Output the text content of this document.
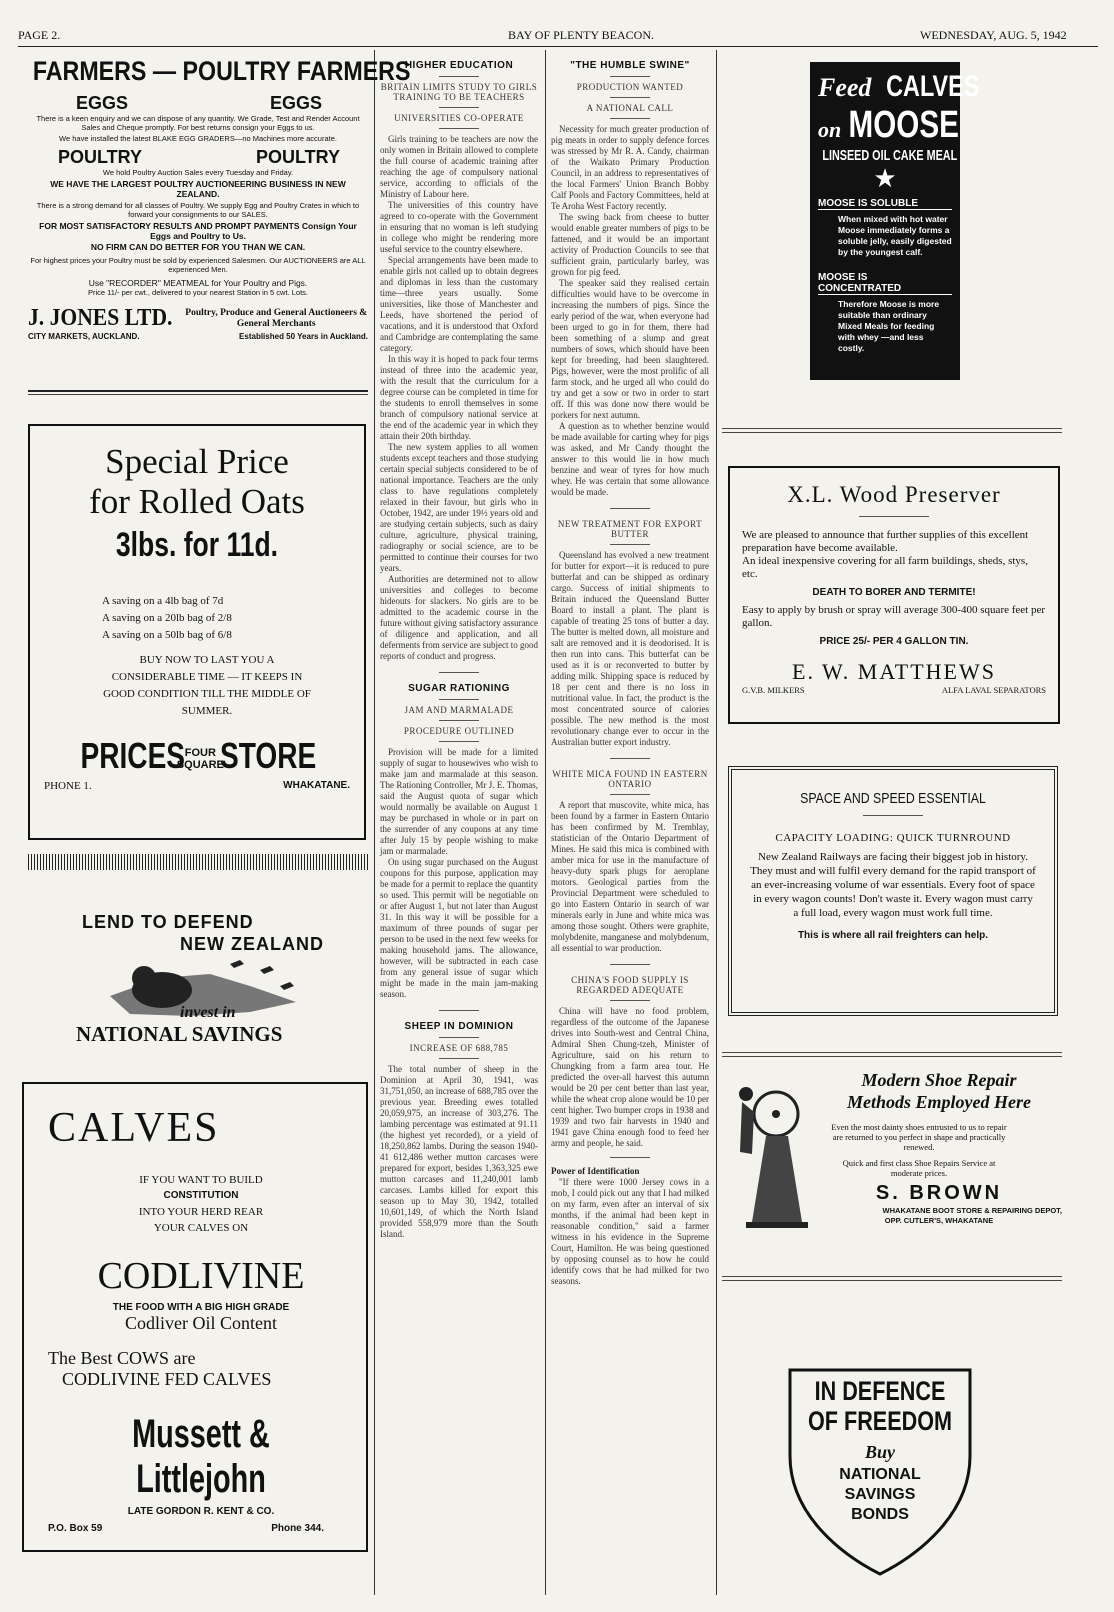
PAGE 2.	BAY OF PLENTY BEACON.	WEDNESDAY, AUG. 5, 1942
FARMERS — POULTRY FARMERS
EGGS	EGGS

There is a keen enquiry and we can dispose of any quantity. We Grade, Test and Render Account Sales and Cheque promptly. For best returns consign your Eggs to us.

We have installed the latest BLAKE EGG GRADERS—no Machines more accurate.

POULTRY	POULTRY

We hold Poultry Auction Sales every Tuesday and Friday.

WE HAVE THE LARGEST POULTRY AUCTIONEERING BUSINESS IN NEW ZEALAND.

There is a strong demand for all classes of Poultry. We supply Egg and Poultry Crates in which to forward your consignments to our SALES.

FOR MOST SATISFACTORY RESULTS AND PROMPT PAYMENTS Consign Your Eggs and Poultry to Us.

NO FIRM CAN DO BETTER FOR YOU THAN WE CAN.

For highest prices your Poultry must be sold by experienced Salesmen. Our AUCTIONEERS are ALL experienced Men.

Use "RECORDER" MEATMEAL for Your Poultry and Pigs.

Price 11/- per cwt., delivered to your nearest Station in 5 cwt. Lots.

J. JONES LTD. Poultry, Produce and General Auctioneers & General Merchants
CITY MARKETS, AUCKLAND.	Established 50 Years in Auckland.
Special Price
for Rolled Oats
3lbs. for 11d.

A saving on a 4lb bag of 7d

A saving on a 20lb bag of 2/8

A saving on a 50lb bag of 6/8

BUY NOW TO LAST YOU A CONSIDERABLE TIME — IT KEEPS IN GOOD CONDITION TILL THE MIDDLE OF SUMMER.

PRICES FOUR
SQUARE
STORE
PHONE 1.	WHAKATANE.
LEND TO DEFEND
NEW ZEALAND
invest in
NATIONAL SAVINGS
CALVES

IF YOU WANT TO BUILD

CONSTITUTION

INTO YOUR HERD REAR

YOUR CALVES ON

CODLIVINE

THE FOOD WITH A BIG HIGH GRADE

Codliver Oil Content

The Best COWS are

CODLIVINE FED CALVES

Mussett & Littlejohn

LATE GORDON R. KENT & CO.

P.O. Box 59	Phone 344.
HIGHER EDUCATION
BRITAIN LIMITS STUDY TO GIRLS TRAINING TO BE TEACHERS
UNIVERSITIES CO-OPERATE

Girls training to be teachers are now the only women in Britain allowed to complete the full course of academic training after reaching the age of compulsory national service, according to officials of the Ministry of Labour here.

The universities of this country have agreed to co-operate with the Government in ensuring that no woman is left studying in college who might be rendering more useful service to the country elsewhere.

Special arrangements have been made to enable girls not called up to obtain degrees and diplomas in less than the customary time—three years usually. Some universities, like those of Manchester and Leeds, have shortened the period of vacations, and it is understood that Oxford and Cambridge are contemplating the same category.

In this way it is hoped to pack four terms instead of three into the academic year, with the result that the curriculum for a degree course can be completed in time for the students to enroll themselves in some branch of compulsory national service at the end of the academic year in which they attain their 20th birthday.

The new system applies to all women students except teachers and those studying certain special subjects considered to be of national importance. Teachers are the only class to have regulations completely relaxed in their favour, but girls who in October, 1942, are under 19½ years old and are studying certain subjects, such as dairy culture, agriculture, physical training, radiography or social science, are to be permitted to continue their courses for two years.

Authorities are determined not to allow universities and colleges to become hideouts for slackers. No girls are to be admitted to the academic course in the future without giving satisfactory assurance of diligence and application, and all deferments from service are subject to good reports of conduct and progress.

SUGAR RATIONING
JAM AND MARMALADE
PROCEDURE OUTLINED

Provision will be made for a limited supply of sugar to housewives who wish to make jam and marmalade at this season. The Rationing Controller, Mr J. E. Thomas, said the August quota of sugar which would normally be available on August 1 may be purchased in whole or in part on the surrender of any coupons at any time after July 15 by people wishing to make jam or marmalade.

On using sugar purchased on the August coupons for this purpose, application may be made for a permit to replace the quantity so used. This permit will be negotiable on or after August 1, but not later than August 31. In this way it will be possible for a maximum of three pounds of sugar per person to be used in the next few weeks for making household jams. The allowance, however, will be subtracted in each case from any general issue of sugar which might be made in the main jam-making season.

SHEEP IN DOMINION
INCREASE OF 688,785

The total number of sheep in the Dominion at April 30, 1941, was 31,751,050, an increase of 688,785 over the previous year. Breeding ewes totalled 20,059,975, an increase of 303,276. The lambing percentage was estimated at 91.11 (the highest yet recorded), or a yield of 18,250,862 lambs. During the season 1940-41 612,486 wether mutton carcases were prepared for export, besides 1,363,325 ewe mutton carcases and 11,240,001 lamb carcases. Lambs killed for export this season up to May 30, 1942, totalled 10,601,149, of which the North Island provided 558,979 more than the South Island.

"THE HUMBLE SWINE"
PRODUCTION WANTED
A NATIONAL CALL

Necessity for much greater production of pig meats in order to supply defence forces was stressed by Mr R. A. Candy, chairman of the Waikato Primary Production Council, in an address to representatives of the local Farmers' Union Branch Bobby Calf Pools and Factory Committees, held at Te Aroha West Factory recently.

The swing back from cheese to butter would enable greater numbers of pigs to be fattened, and it would be an important activity of Production Councils to see that sufficient grain, particularly barley, was grown for pig feed.

The speaker said they realised certain difficulties would have to be overcome in increasing the numbers of pigs. Since the early period of the war, when everyone had been urged to go in for them, there had been something of a slump and great numbers of sows, which should have been kept for breeding, had been slaughtered. Pigs, however, were the most prolific of all farm stock, and he urged all who could do try and get a sow or two in order to start off. If this was done now there would be porkers for next autumn.

A question as to whether benzine would be made available for carting whey for pigs was asked, and Mr Candy thought the answer to this would lie in how much benzine and wear of tyres for how much whey. He was certain that some allowance would be made.

NEW TREATMENT FOR EXPORT BUTTER

Queensland has evolved a new treatment for butter for export—it is reduced to pure butterfat and can be shipped as ordinary cargo. Success of initial shipments to Britain induced the Queensland Butter Board to install a plant. The plant is capable of treating 25 tons of butter a day. The butter is melted down, all moisture and salt are removed and it is deodorised. It is then run into cans. This butterfat can be used as it is or reconverted to butter by adding milk. Shipping space is reduced by 18 per cent and there is no loss in nutritional value. In fact, the product is the most concentrated source of calories possible. The new method is the most revolutionary change ever to occur in the Australian butter export industry.

WHITE MICA FOUND IN EASTERN ONTARIO

A report that muscovite, white mica, has been found by a farmer in Eastern Ontario has been confirmed by M. Tremblay, statistician of the Ontario Department of Mines. He said this mica is combined with amber mica for use in the manufacture of heavy-duty spark plugs for aeroplane motors. Geological parties from the Provincial Department were scheduled to go into Eastern Ontario in search of war minerals early in June and white mica was among those sought. Others were graphite, molybdenite, manganese and molybdenum, all essential to war production.

CHINA'S FOOD SUPPLY IS REGARDED ADEQUATE

China will have no food problem, regardless of the outcome of the Japanese drives into South-west and Central China, Admiral Shen Chung-tzeh, Minister of Agriculture, said on his return to Chungking from a farm area tour. He predicted the over-all harvest this autumn would be 20 per cent better than last year, while the wheat crop alone would be 10 per cent higher. Two bumper crops in 1938 and 1939 and two fair harvests in 1940 and 1941 gave China enough food to feed her army and people, he said.

Power of Identification

"If there were 1000 Jersey cows in a mob, I could pick out any that I had milked on my farm, even after an interval of six months, if the animal had been kept in reasonable condition," said a farmer witness in his evidence in the Supreme Court, Hamilton. He was being questioned by opposing counsel as to how he could identify cows that he had milked for two seasons.

Feed CALVES
on MOOSE
LINSEED OIL CAKE MEAL
★
MOOSE IS SOLUBLE

When mixed with hot water Moose immediately forms a soluble jelly, easily digested by the youngest calf.

MOOSE IS CONCENTRATED

Therefore Moose is more suitable than ordinary Mixed Meals for feeding with whey —and less costly.

X.L. Wood Preserver

We are pleased to announce that further supplies of this excellent preparation have become available.

An ideal inexpensive covering for all farm buildings, sheds, stys, etc.

DEATH TO BORER AND TERMITE!

Easy to apply by brush or spray will average 300-400 square feet per gallon.

PRICE 25/- PER 4 GALLON TIN.

E. W. MATTHEWS
G.V.B. MILKERS	ALFA LAVAL SEPARATORS
SPACE AND SPEED ESSENTIAL
CAPACITY LOADING: QUICK TURNROUND

New Zealand Railways are facing their biggest job in history. They must and will fulfil every demand for the rapid transport of an ever-increasing volume of war essentials. Every foot of space in every wagon counts! Don't waste it. Every wagon must carry a full load, every wagon must work full time.

This is where all rail freighters can help.

Modern Shoe Repair
Methods Employed Here

Even the most dainty shoes entrusted to us to repair are returned to you perfect in shape and practically renewed.

Quick and first class Shoe Repairs Service at moderate prices.

S. BROWN

WHAKATANE BOOT STORE & REPAIRING DEPOT,

OPP. CUTLER'S, WHAKATANE

IN DEFENCE
OF FREEDOM
Buy
NATIONAL
SAVINGS
BONDS
